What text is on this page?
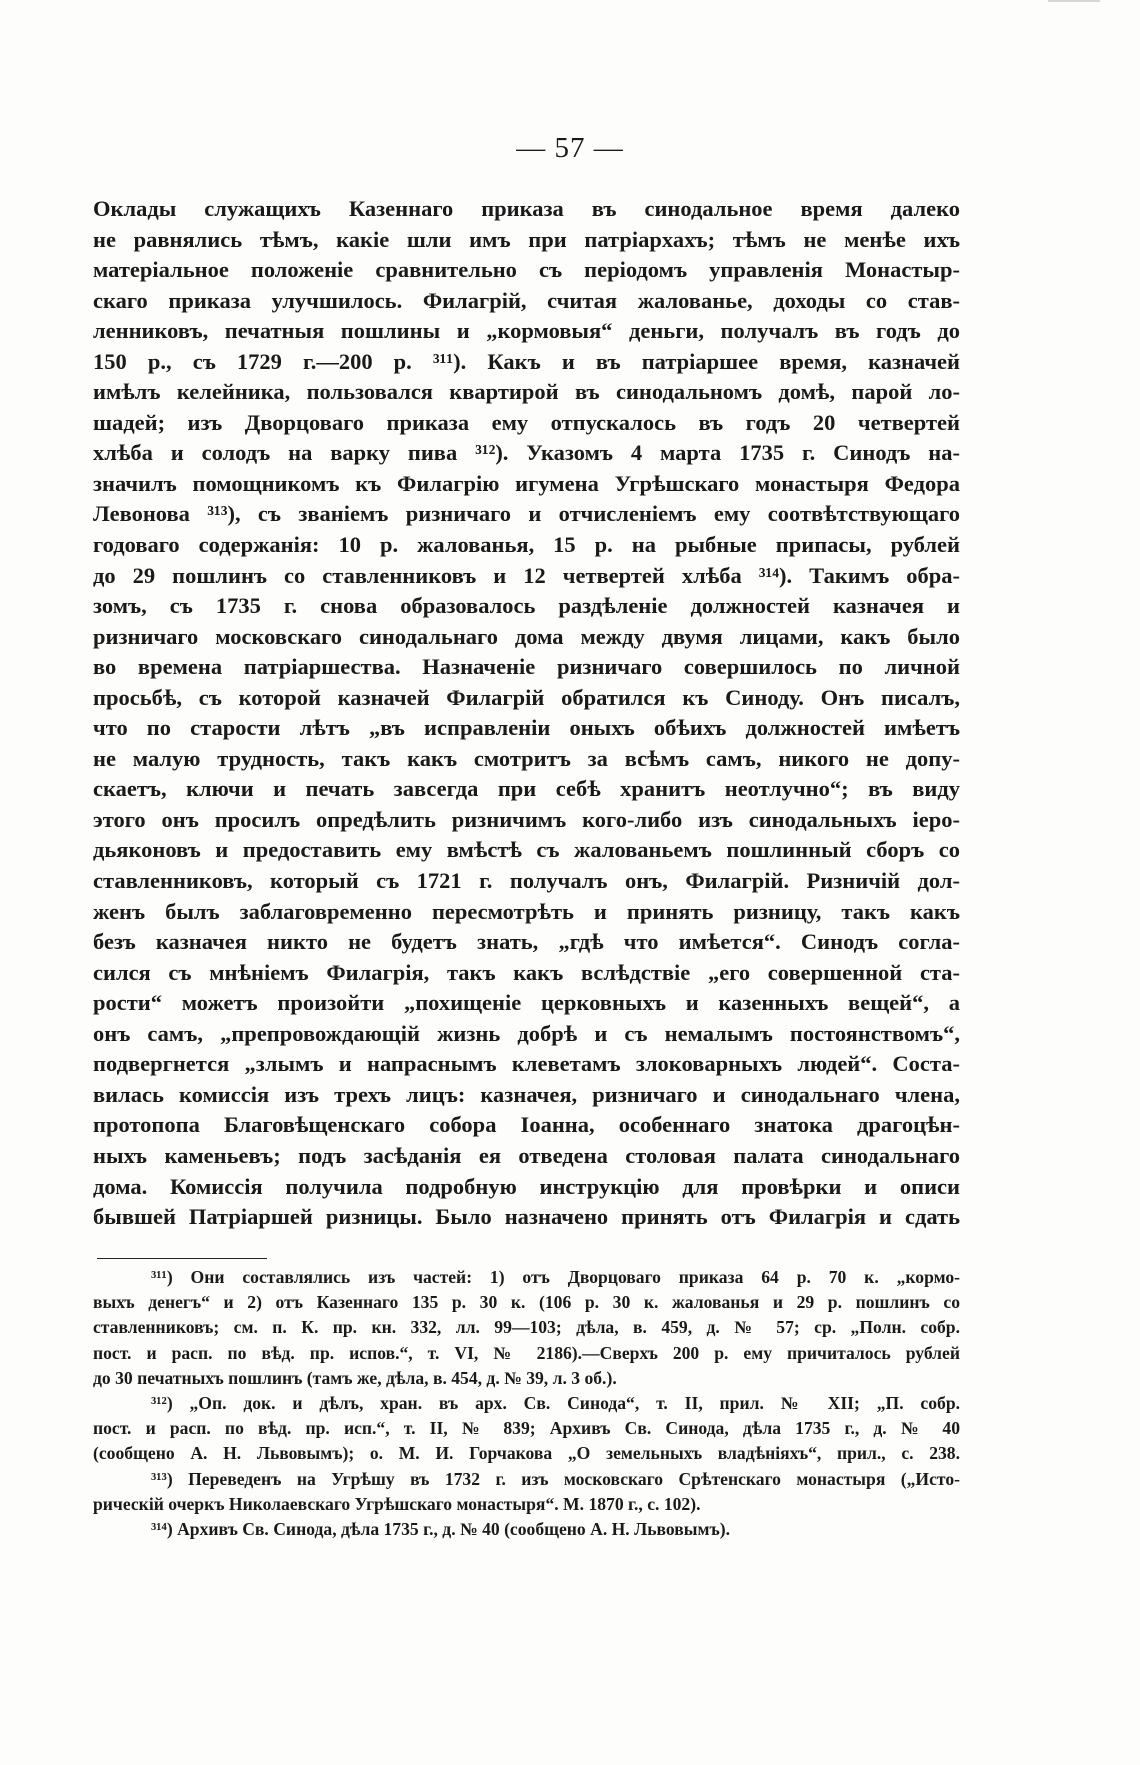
— 57 —
Оклады служащихъ Казеннаго приказа въ синодальное время далеко
не равнялись тѣмъ, какіе шли имъ при патріархахъ; тѣмъ не менѣе ихъ
матеріальное положеніе сравнительно съ періодомъ управленія Монастыр-
скаго приказа улучшилось. Филагрій, считая жалованье, доходы со став-
ленниковъ, печатныя пошлины и „кормовыя“ деньги, получалъ въ годъ до
150 р., съ 1729 г.—200 р. ³¹¹). Какъ и въ патріаршее время, казначей
имѣлъ келейника, пользовался квартирой въ синодальномъ домѣ, парой ло-
шадей; изъ Дворцоваго приказа ему отпускалось въ годъ 20 четвертей
хлѣба и солодъ на варку пива ³¹²). Указомъ 4 марта 1735 г. Синодъ на-
значилъ помощникомъ къ Филагрію игумена Угрѣшскаго монастыря Федора
Левонова ³¹³), съ званіемъ ризничаго и отчисленіемъ ему соотвѣтствующаго
годоваго содержанія: 10 р. жалованья, 15 р. на рыбные припасы, рублей
до 29 пошлинъ со ставленниковъ и 12 четвертей хлѣба ³¹⁴). Такимъ обра-
зомъ, съ 1735 г. снова образовалось раздѣленіе должностей казначея и
ризничаго московскаго синодальнаго дома между двумя лицами, какъ было
во времена патріаршества. Назначеніе ризничаго совершилось по личной
просьбѣ, съ которой казначей Филагрій обратился къ Синоду. Онъ писалъ,
что по старости лѣтъ „въ исправленіи оныхъ обѣихъ должностей имѣетъ
не малую трудность, такъ какъ смотритъ за всѣмъ самъ, никого не допу-
скаетъ, ключи и печать завсегда при себѣ хранитъ неотлучно“; въ виду
этого онъ просилъ опредѣлить ризничимъ кого-либо изъ синодальныхъ іеро-
дьяконовъ и предоставить ему вмѣстѣ съ жалованьемъ пошлинный сборъ со
ставленниковъ, который съ 1721 г. получалъ онъ, Филагрій. Ризничій дол-
женъ былъ заблаговременно пересмотрѣть и принять ризницу, такъ какъ
безъ казначея никто не будетъ знать, „гдѣ что имѣется“. Синодъ согла-
сился съ мнѣніемъ Филагрія, такъ какъ вслѣдствіе „его совершенной ста-
рости“ можетъ произойти „похищеніе церковныхъ и казенныхъ вещей“, а
онъ самъ, „препровождающій жизнь добрѣ и съ немалымъ постоянствомъ“,
подвергнется „злымъ и напраснымъ клеветамъ злоковарныхъ людей“. Соста-
вилась комиссія изъ трехъ лицъ: казначея, ризничаго и синодальнаго члена,
протопопа Благовѣщенскаго собора Іоанна, особеннаго знатока драгоцѣн-
ныхъ каменьевъ; подъ засѣданія ея отведена столовая палата синодальнаго
дома. Комиссія получила подробную инструкцію для провѣрки и описи
бывшей Патріаршей ризницы. Было назначено принять отъ Филагрія и сдать
³¹¹) Они составлялись изъ частей: 1) отъ Дворцоваго приказа 64 р. 70 к. „кормо-
выхъ денегъ“ и 2) отъ Казеннаго 135 р. 30 к. (106 р. 30 к. жалованья и 29 р. пошлинъ со
ставленниковъ; см. п. К. пр. кн. 332, лл. 99—103; дѣла, в. 459, д. № 57; ср. „Полн. собр.
пост. и расп. по вѣд. пр. испов.“, т. VI, № 2186).—Сверхъ 200 р. ему причиталось рублей
до 30 печатныхъ пошлинъ (тамъ же, дѣла, в. 454, д. № 39, л. 3 об.).
³¹²) „Оп. док. и дѣлъ, хран. въ арх. Св. Синода“, т. II, прил. № XII; „П. собр.
пост. и расп. по вѣд. пр. исп.“, т. II, № 839; Архивъ Св. Синода, дѣла 1735 г., д. № 40
(сообщено А. Н. Львовымъ); о. М. И. Горчакова „О земельныхъ владѣніяхъ“, прил., с. 238.
³¹³) Переведенъ на Угрѣшу въ 1732 г. изъ московскаго Срѣтенскаго монастыря („Исто-
рическій очеркъ Николаевскаго Угрѣшскаго монастыря“. М. 1870 г., с. 102).
³¹⁴) Архивъ Св. Синода, дѣла 1735 г., д. № 40 (сообщено А. Н. Львовымъ).
